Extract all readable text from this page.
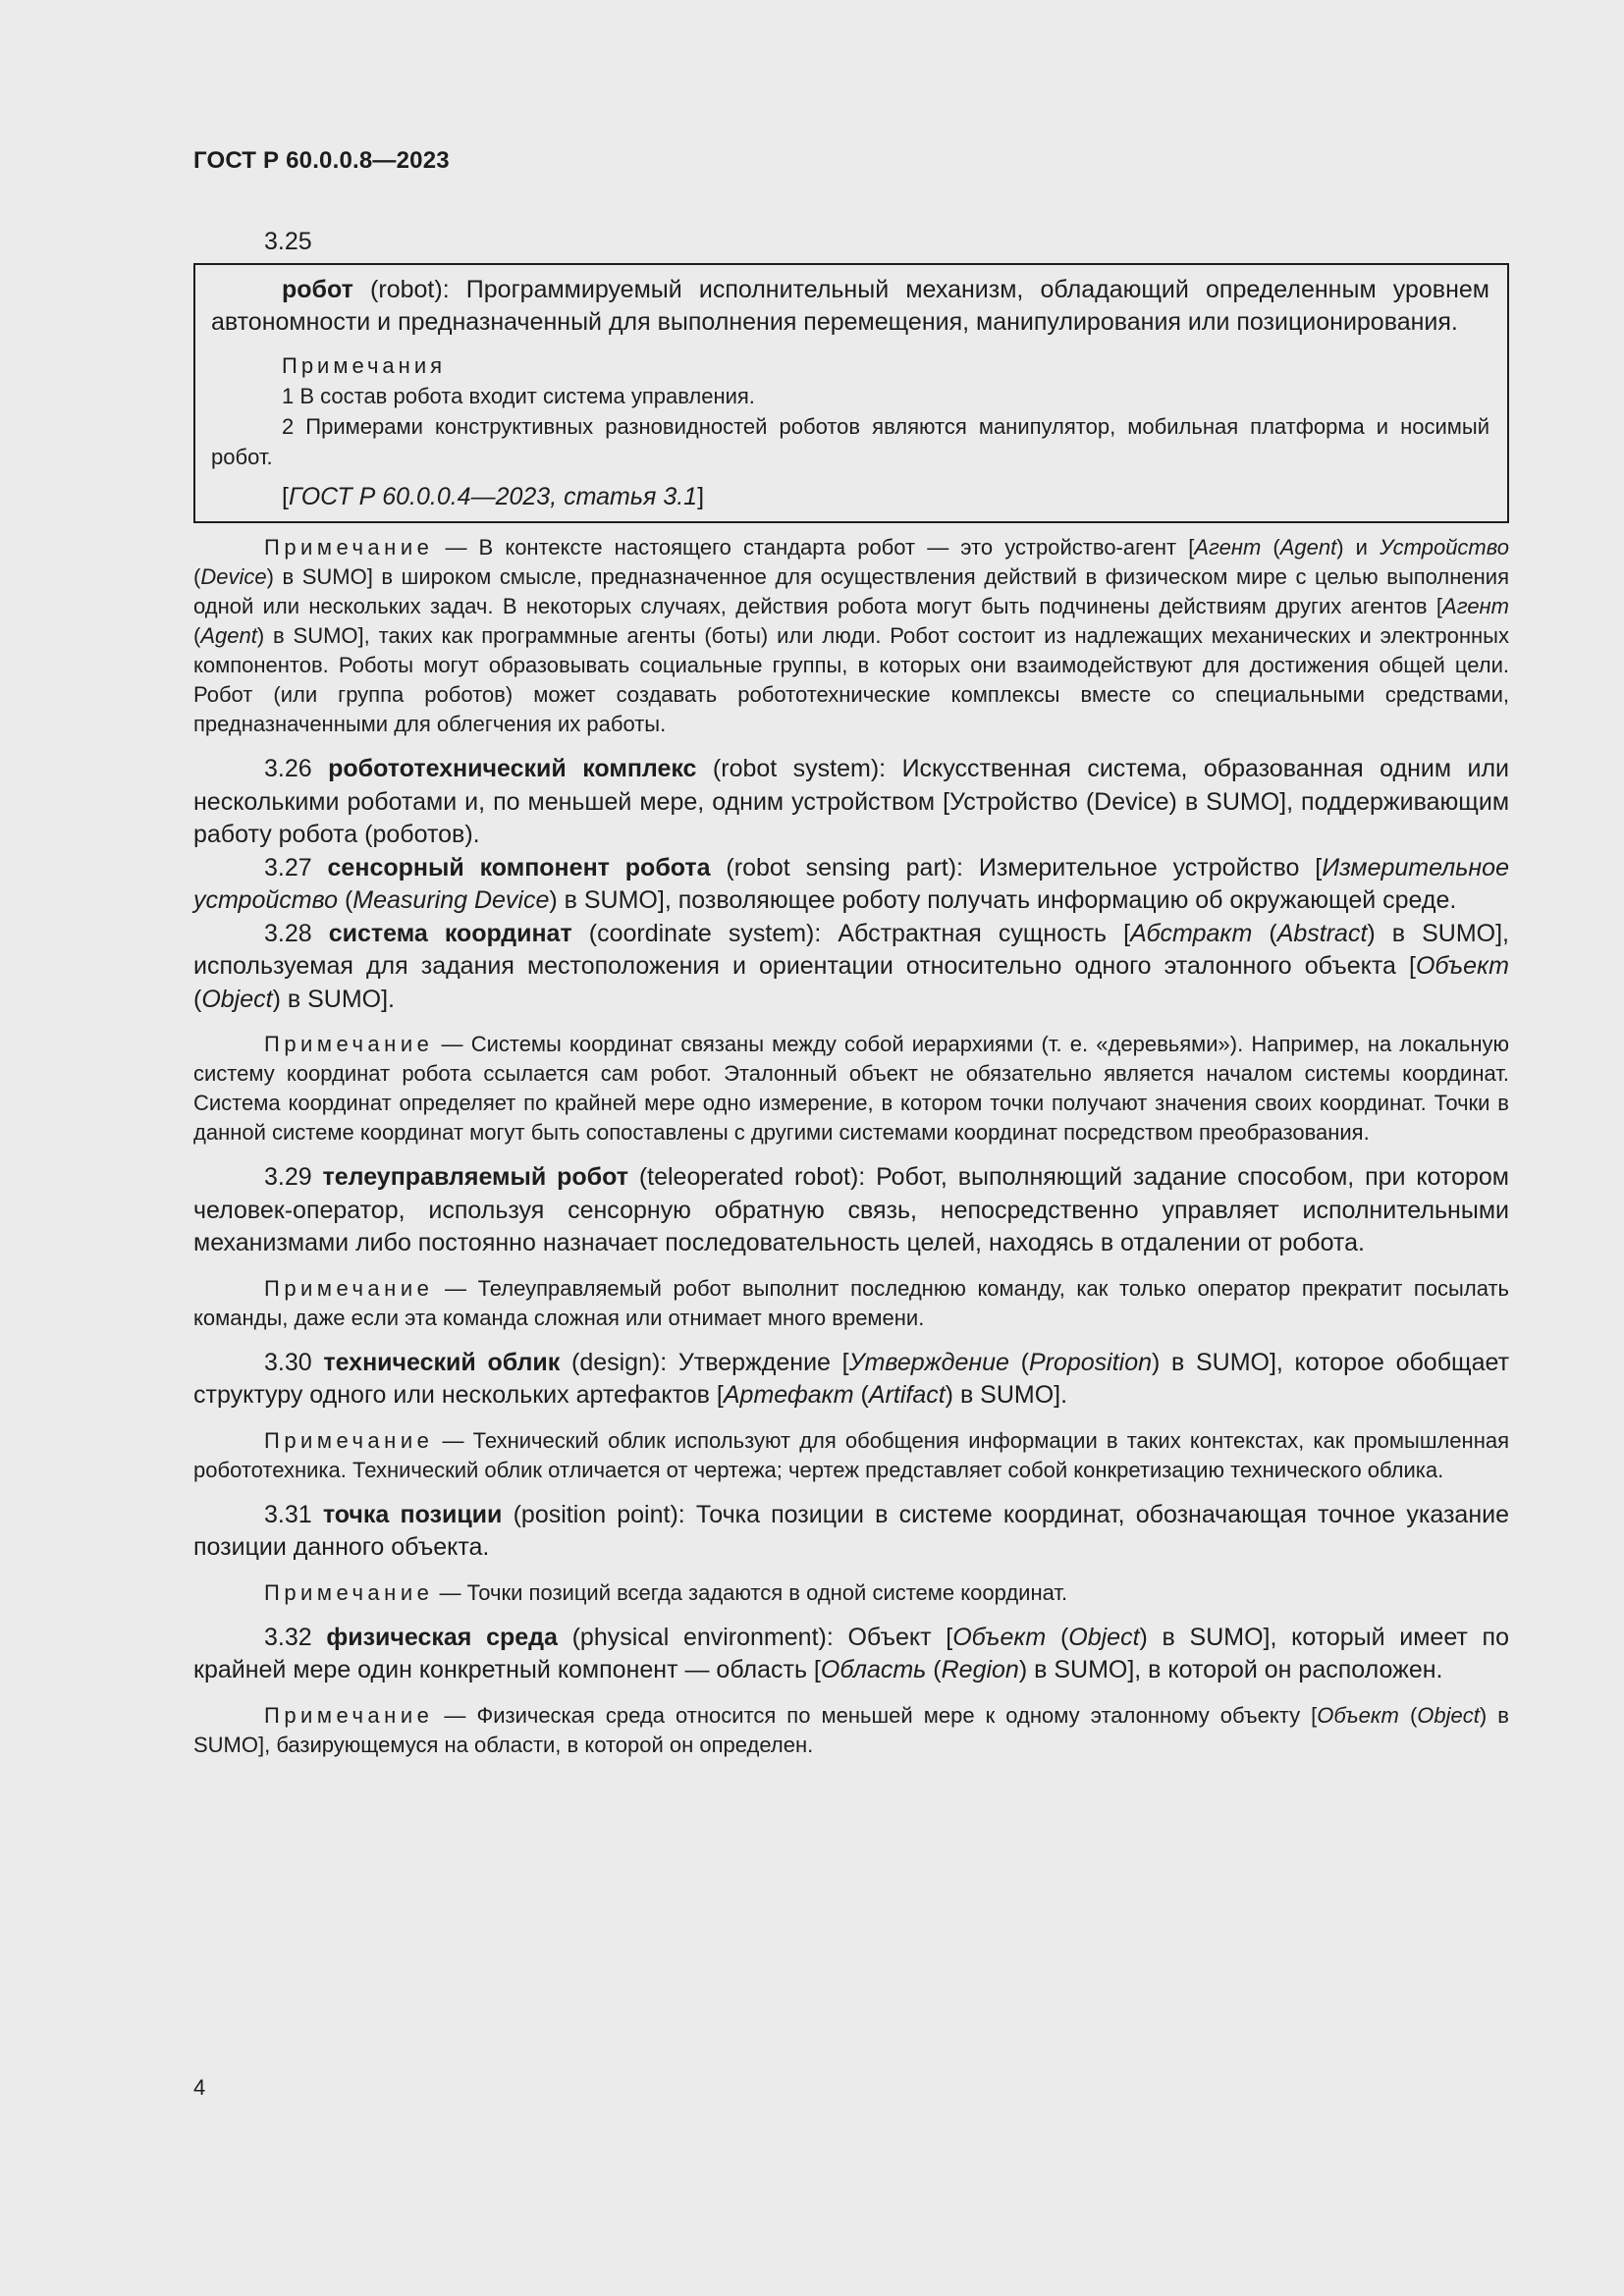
ГОСТ Р 60.0.0.8—2023
3.25
робот (robot): Программируемый исполнительный механизм, обладающий определенным уровнем автономности и предназначенный для выполнения перемещения, манипулирования или позиционирования.
Примечания
1 В состав робота входит система управления.
2 Примерами конструктивных разновидностей роботов являются манипулятор, мобильная платформа и носимый робот.
[ГОСТ Р 60.0.0.4—2023, статья 3.1]

Примечание — В контексте настоящего стандарта робот — это устройство-агент [Агент (Agent) и Устройство (Device) в SUMO] в широком смысле, предназначенное для осуществления действий в физическом мире с целью выполнения одной или нескольких задач. В некоторых случаях, действия робота могут быть подчинены действиям других агентов [Агент (Agent) в SUMO], таких как программные агенты (боты) или люди. Робот состоит из надлежащих механических и электронных компонентов. Роботы могут образовывать социальные группы, в которых они взаимодействуют для достижения общей цели. Робот (или группа роботов) может создавать робототехнические комплексы вместе со специальными средствами, предназначенными для облегчения их работы.

3.26 робототехнический комплекс (robot system): Искусственная система, образованная одним или несколькими роботами и, по меньшей мере, одним устройством [Устройство (Device) в SUMO], поддерживающим работу робота (роботов).

3.27 сенсорный компонент робота (robot sensing part): Измерительное устройство [Измерительное устройство (Measuring Device) в SUMO], позволяющее роботу получать информацию об окружающей среде.

3.28 система координат (coordinate system): Абстрактная сущность [Абстракт (Abstract) в SUMO], используемая для задания местоположения и ориентации относительно одного эталонного объекта [Объект (Object) в SUMO].

Примечание — Системы координат связаны между собой иерархиями (т. е. «деревьями»). Например, на локальную систему координат робота ссылается сам робот. Эталонный объект не обязательно является началом системы координат. Система координат определяет по крайней мере одно измерение, в котором точки получают значения своих координат. Точки в данной системе координат могут быть сопоставлены с другими системами координат посредством преобразования.

3.29 телеуправляемый робот (teleoperated robot): Робот, выполняющий задание способом, при котором человек-оператор, используя сенсорную обратную связь, непосредственно управляет исполнительными механизмами либо постоянно назначает последовательность целей, находясь в отдалении от робота.

Примечание — Телеуправляемый робот выполнит последнюю команду, как только оператор прекратит посылать команды, даже если эта команда сложная или отнимает много времени.

3.30 технический облик (design): Утверждение [Утверждение (Proposition) в SUMO], которое обобщает структуру одного или нескольких артефактов [Артефакт (Artifact) в SUMO].

Примечание — Технический облик используют для обобщения информации в таких контекстах, как промышленная робототехника. Технический облик отличается от чертежа; чертеж представляет собой конкретизацию технического облика.

3.31 точка позиции (position point): Точка позиции в системе координат, обозначающая точное указание позиции данного объекта.

Примечание — Точки позиций всегда задаются в одной системе координат.

3.32 физическая среда (physical environment): Объект [Объект (Object) в SUMO], который имеет по крайней мере один конкретный компонент — область [Область (Region) в SUMO], в которой он расположен.

Примечание — Физическая среда относится по меньшей мере к одному эталонному объекту [Объект (Object) в SUMO], базирующемуся на области, в которой он определен.

4
